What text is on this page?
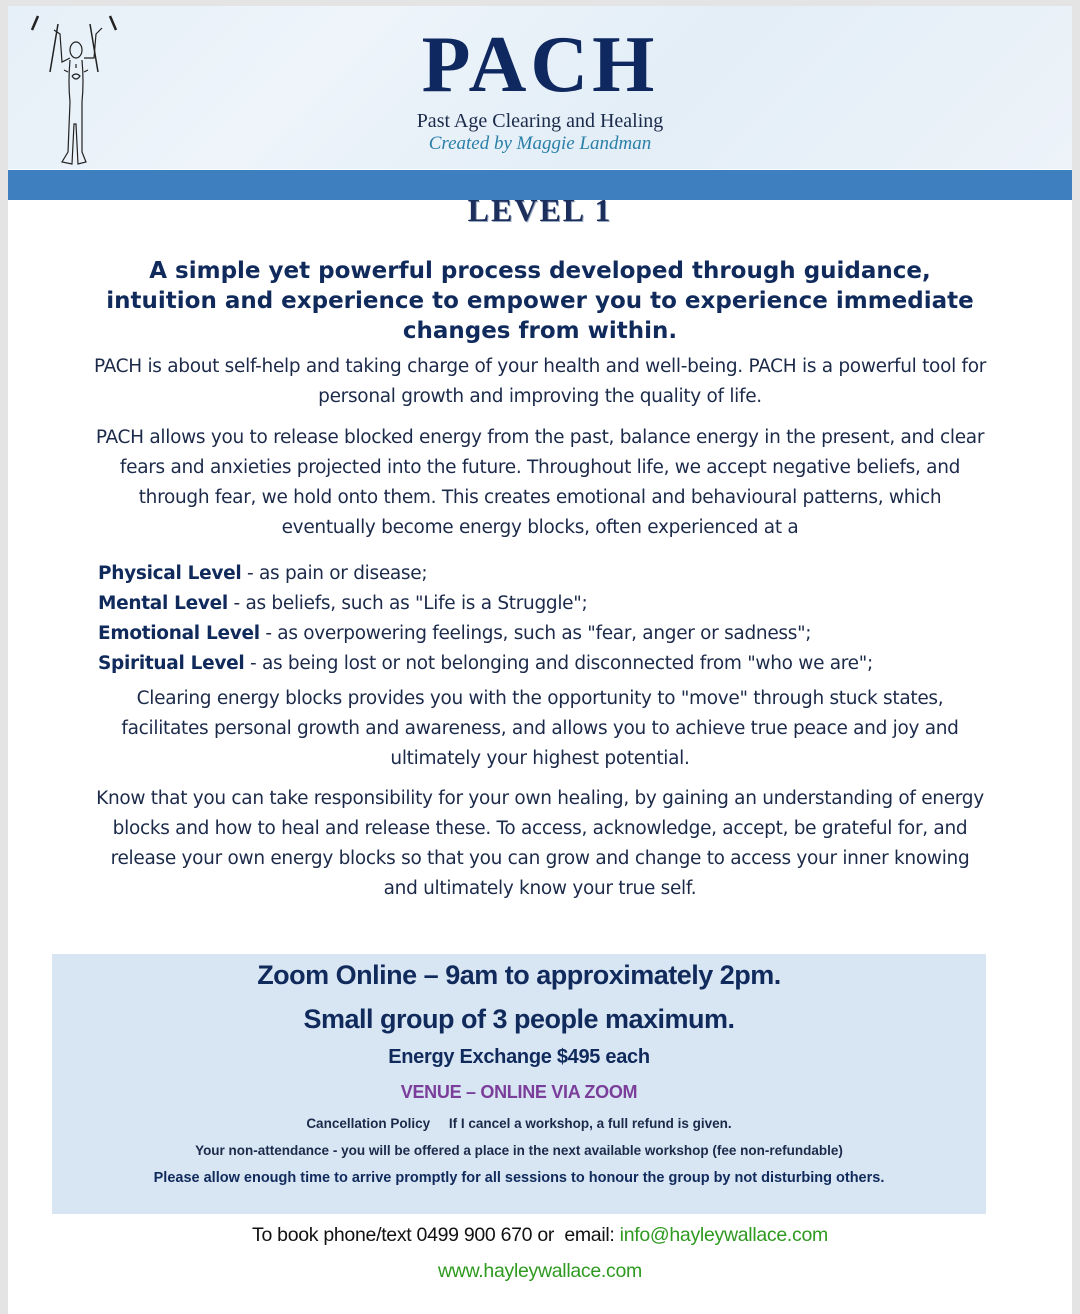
PACH
Past Age Clearing and Healing
Created by Maggie Landman
LEVEL 1
A simple yet powerful process developed through guidance, intuition and experience to empower you to experience immediate changes from within.
PACH is about self-help and taking charge of your health and well-being. PACH is a powerful tool for personal growth and improving the quality of life.
PACH allows you to release blocked energy from the past, balance energy in the present, and clear fears and anxieties projected into the future. Throughout life, we accept negative beliefs, and through fear, we hold onto them. This creates emotional and behavioural patterns, which eventually become energy blocks, often experienced at a
Physical Level - as pain or disease;
Mental Level - as beliefs, such as "Life is a Struggle";
Emotional Level - as overpowering feelings, such as "fear, anger or sadness";
Spiritual Level - as being lost or not belonging and disconnected from "who we are";
Clearing energy blocks provides you with the opportunity to "move" through stuck states, facilitates personal growth and awareness, and allows you to achieve true peace and joy and ultimately your highest potential.
Know that you can take responsibility for your own healing, by gaining an understanding of energy blocks and how to heal and release these. To access, acknowledge, accept, be grateful for, and release your own energy blocks so that you can grow and change to access your inner knowing and ultimately know your true self.
Zoom Online – 9am to approximately 2pm.
Small group of 3 people maximum.
Energy Exchange $495 each
VENUE – ONLINE VIA ZOOM
Cancellation Policy     If I cancel a workshop, a full refund is given.
Your non-attendance - you will be offered a place in the next available workshop (fee non-refundable)
Please allow enough time to arrive promptly for all sessions to honour the group by not disturbing others.
To book phone/text 0499 900 670 or  email: info@hayleywallace.com
www.hayleywallace.com
